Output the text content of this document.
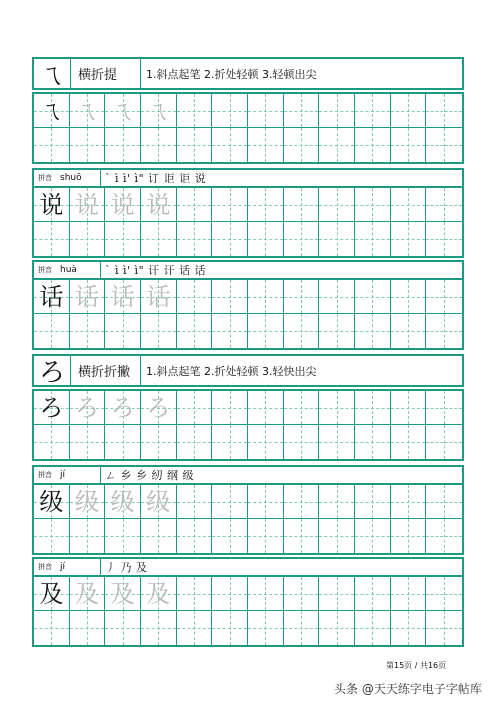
ㄟ	横折提	1.斜点起笔 2.折处轻顿 3.轻顿出尖
ㄟ ㄟ ㄟ ㄟ
拼音 shuō	` ì ì' ì" 订 讵 讵 说
说 说 说 说
拼音 huà	` ì ì' ì" 讦 讦 话 话
话 话 话 话
ろ	横折折撇	1.斜点起笔 2.折处轻顿 3.轻快出尖
ろ ろ ろ ろ
拼音 jí	ㄥ 乡 乡 纫 纲 级
级 级 级 级
拼音 jí	丿 乃 及
及 及 及 及
第15页 / 共16页
头条 @天天练字电子字帖库
